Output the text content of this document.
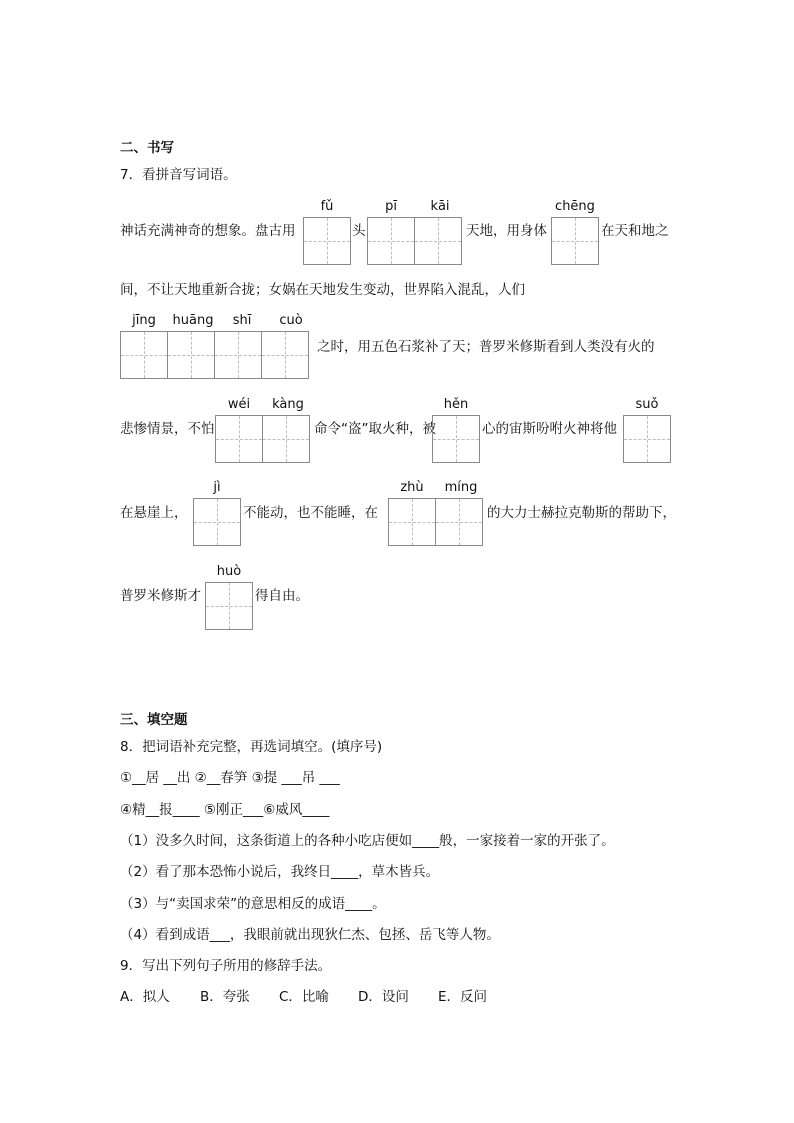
二、书写
7．看拼音写词语。
fǔ	pī	kāi	chēng
神话充满神奇的想象。盘古用	头	天地，用身体	在天和地之
间，不让天地重新合拢；女娲在天地发生变动，世界陷入混乱，人们
jīng	huāng	shī	cuò
之时，用五色石浆补了天；普罗米修斯看到人类没有火的
wéi	kàng	hěn	suǒ
悲惨情景，不怕	命令“盗”取火种，被	心的宙斯吩咐火神将他
jì	zhù	míng
在悬崖上，	不能动，也不能睡，在	的大力士赫拉克勒斯的帮助下，
huò
普罗米修斯才	得自由。
三、填空题
8．把词语补充完整，再选词填空。(填序号)
①__居 __出 ②__春笋 ③提 ___吊 ___
④精__报____ ⑤刚正___⑥威风____
（1）没多久时间，这条街道上的各种小吃店便如____般，一家接着一家的开张了。
（2）看了那本恐怖小说后，我终日____，草木皆兵。
（3）与“卖国求荣”的意思相反的成语____。
（4）看到成语___，我眼前就出现狄仁杰、包拯、岳飞等人物。
9．写出下列句子所用的修辞手法。
A．拟人 B．夸张 C．比喻 D．设问 E．反问
